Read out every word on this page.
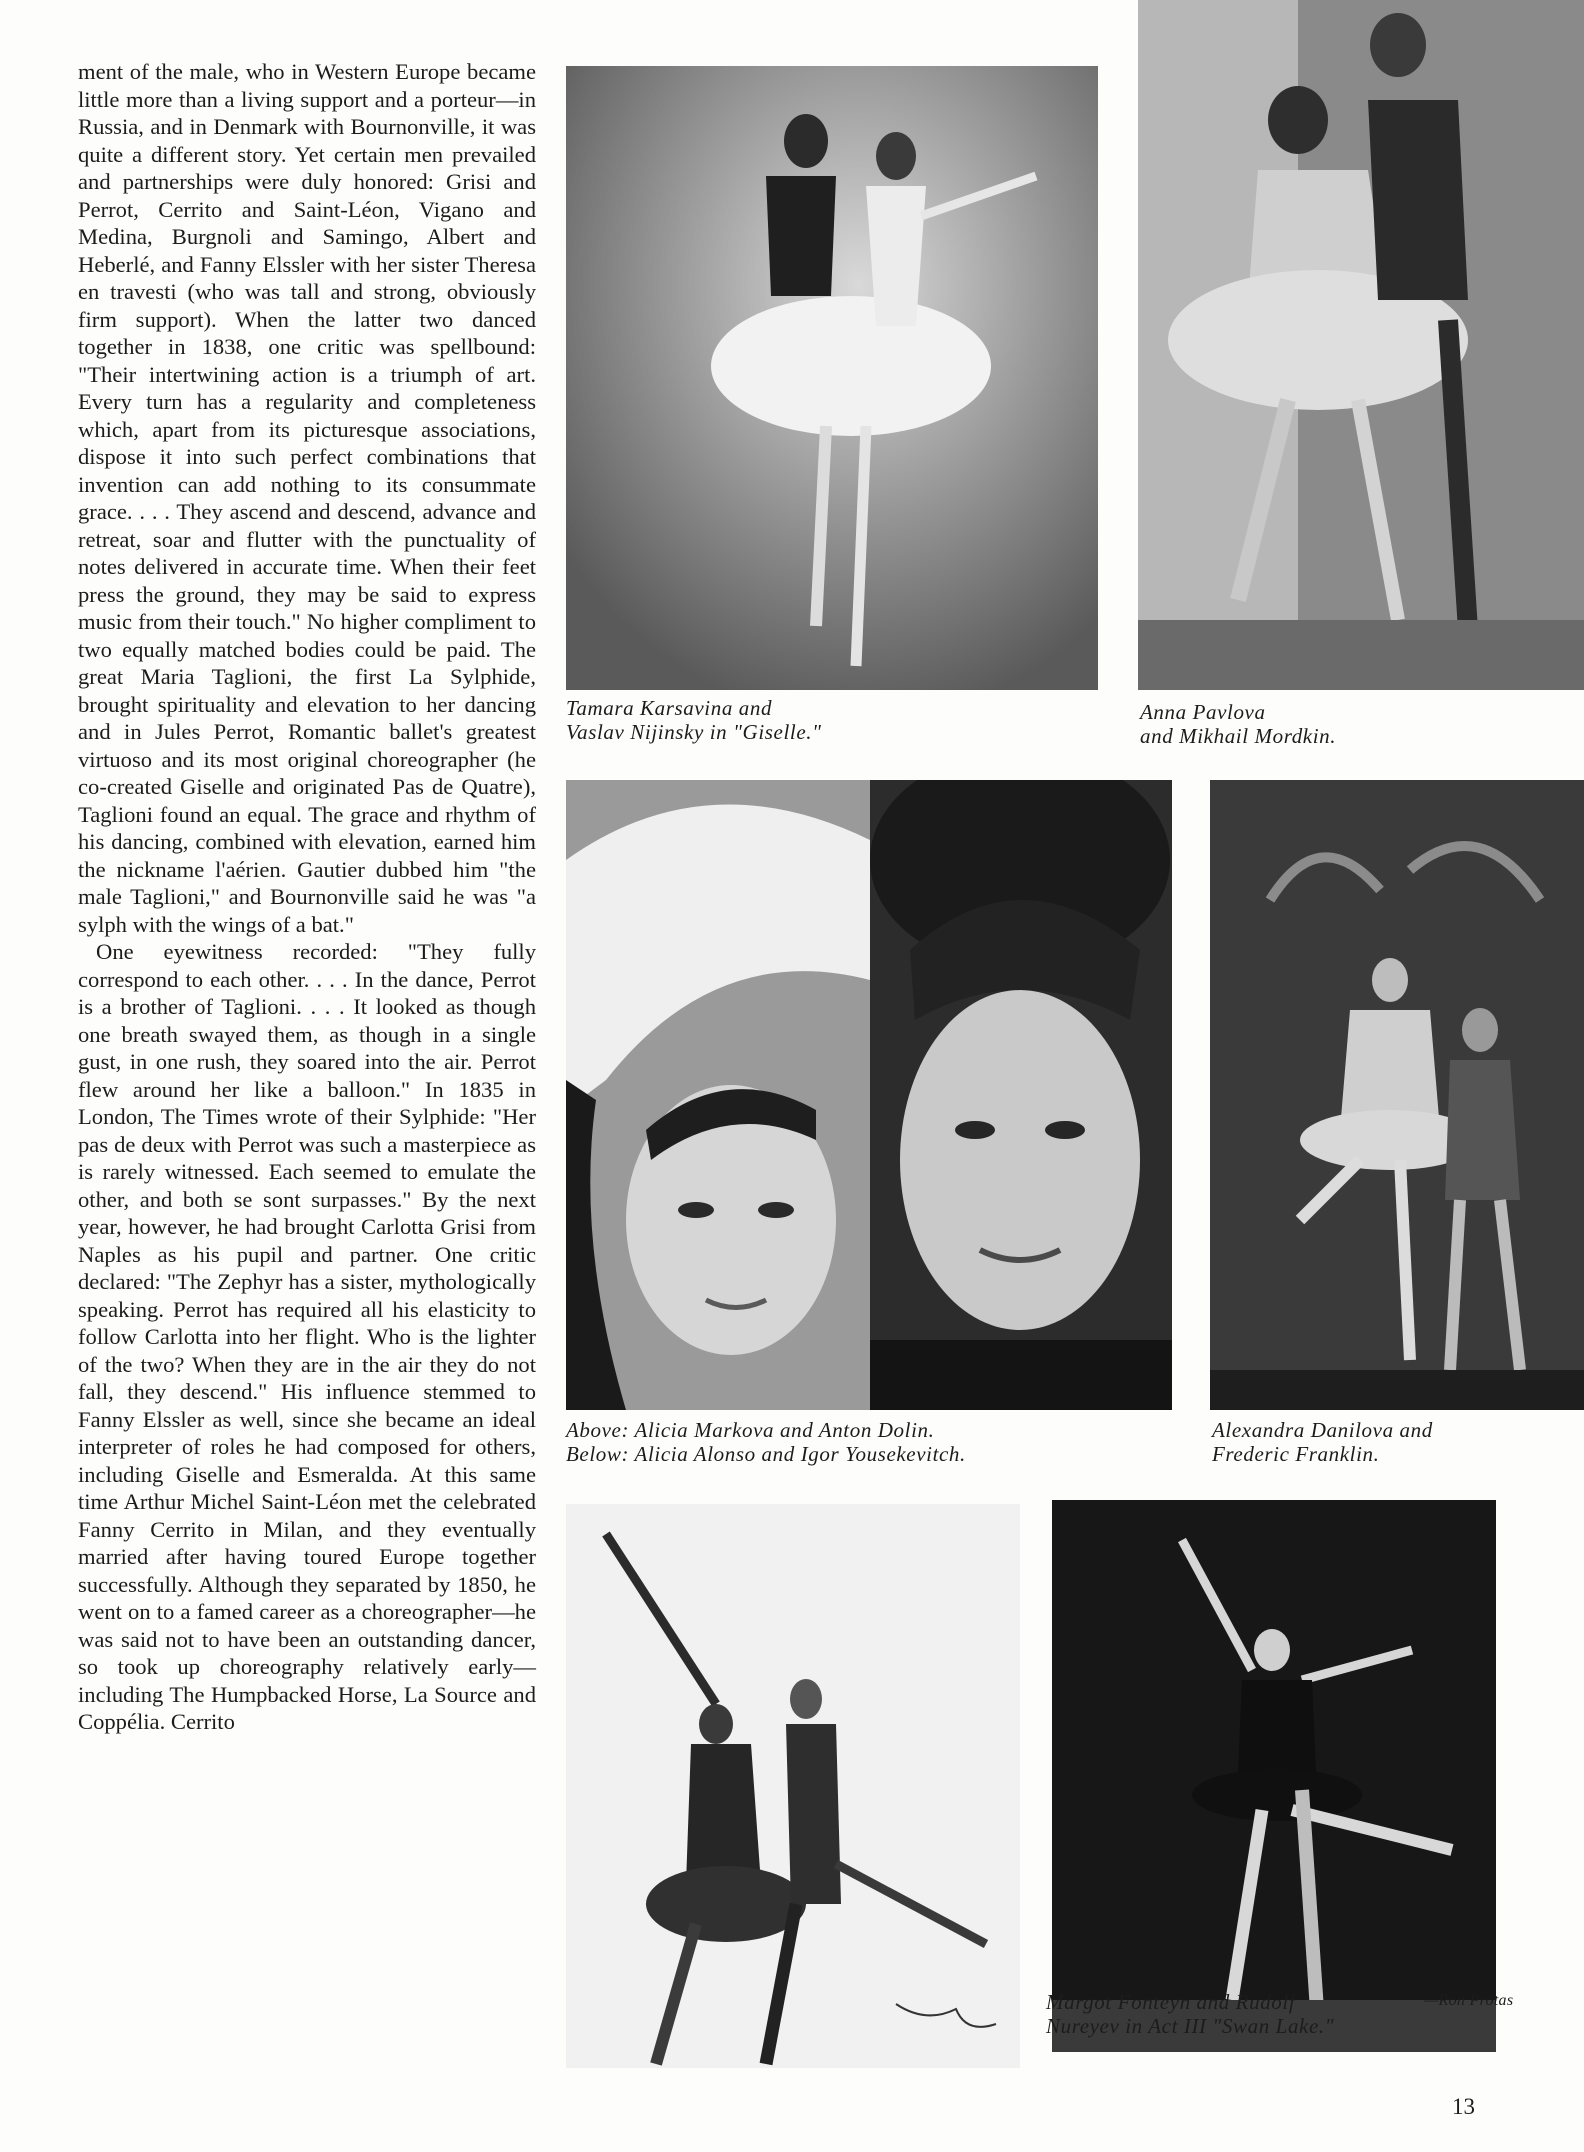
ment of the male, who in Western Europe became little more than a living support and a porteur—in Russia, and in Denmark with Bournonville, it was quite a different story. Yet certain men prevailed and partnerships were duly honored: Grisi and Perrot, Cerrito and Saint-Léon, Vigano and Medina, Burgnoli and Samingo, Albert and Heberlé, and Fanny Elssler with her sister Theresa en travesti (who was tall and strong, obviously firm support). When the latter two danced together in 1838, one critic was spellbound: "Their intertwining action is a triumph of art. Every turn has a regularity and completeness which, apart from its picturesque associations, dispose it into such perfect combinations that invention can add nothing to its consummate grace. . . . They ascend and descend, advance and retreat, soar and flutter with the punctuality of notes delivered in accurate time. When their feet press the ground, they may be said to express music from their touch." No higher compliment to two equally matched bodies could be paid. The great Maria Taglioni, the first La Sylphide, brought spirituality and elevation to her dancing and in Jules Perrot, Romantic ballet's greatest virtuoso and its most original choreographer (he co-created Giselle and originated Pas de Quatre), Taglioni found an equal. The grace and rhythm of his dancing, combined with elevation, earned him the nickname l'aérien. Gautier dubbed him "the male Taglioni," and Bournonville said he was "a sylph with the wings of a bat."

One eyewitness recorded: "They fully correspond to each other. . . . In the dance, Perrot is a brother of Taglioni. . . . It looked as though one breath swayed them, as though in a single gust, in one rush, they soared into the air. Perrot flew around her like a balloon." In 1835 in London, The Times wrote of their Sylphide: "Her pas de deux with Perrot was such a masterpiece as is rarely witnessed. Each seemed to emulate the other, and both se sont surpasses." By the next year, however, he had brought Carlotta Grisi from Naples as his pupil and partner. One critic declared: "The Zephyr has a sister, mythologically speaking. Perrot has required all his elasticity to follow Carlotta into her flight. Who is the lighter of the two? When they are in the air they do not fall, they descend." His influence stemmed to Fanny Elssler as well, since she became an ideal interpreter of roles he had composed for others, including Giselle and Esmeralda. At this same time Arthur Michel Saint-Léon met the celebrated Fanny Cerrito in Milan, and they eventually married after having toured Europe together successfully. Although they separated by 1850, he went on to a famed career as a choreographer—he was said not to have been an outstanding dancer, so took up choreography relatively early—including The Humpbacked Horse, La Source and Coppélia. Cerrito

Tamara Karsavina and
Vaslav Nijinsky in "Giselle."
Anna Pavlova
and Mikhail Mordkin.
Above: Alicia Markova and Anton Dolin.
Below: Alicia Alonso and Igor Yousekevitch.
Alexandra Danilova and
Frederic Franklin.
Margot Fonteyn and Rudolf
Nureyev in Act III "Swan Lake."
—Ron Protas
13
